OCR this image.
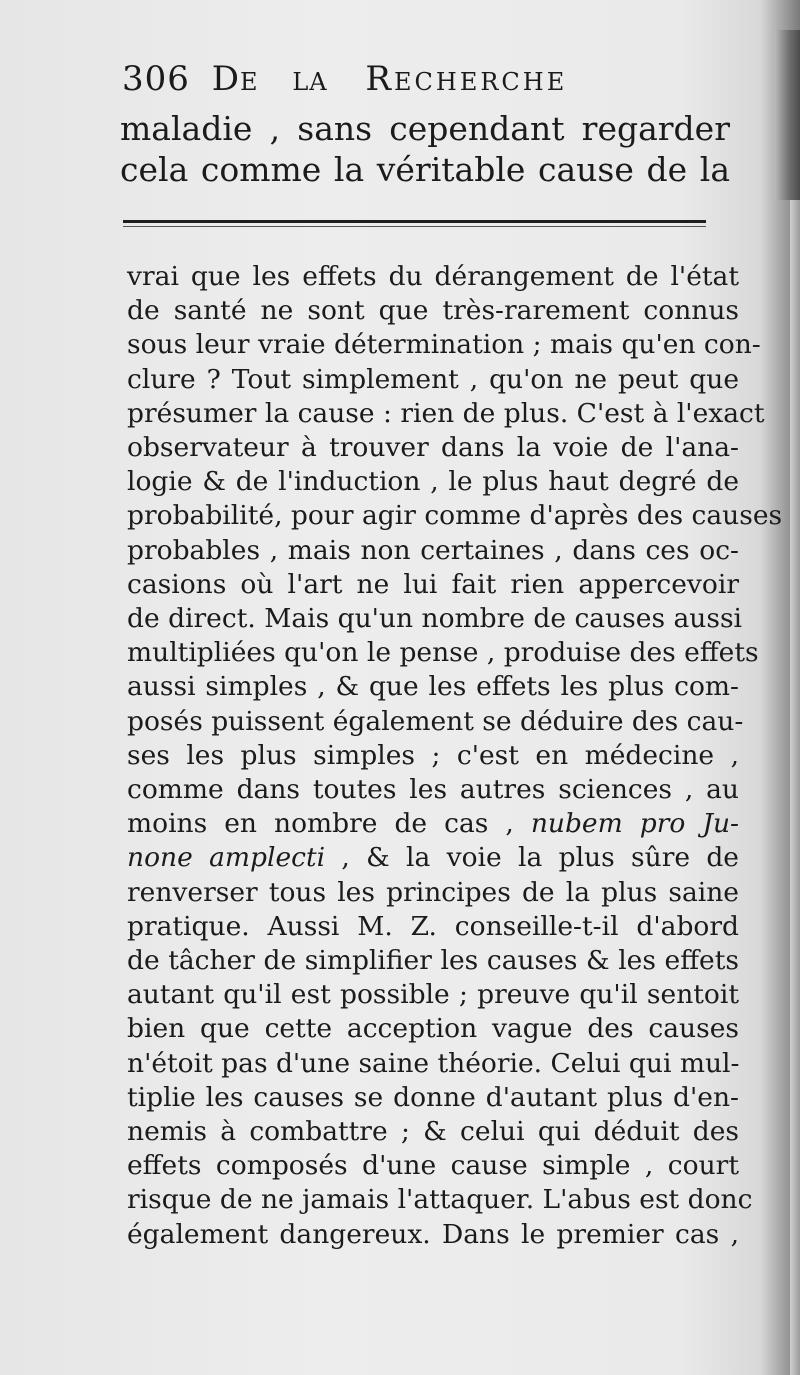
306 De la Recherche
maladie , sans cependant regarder
cela comme la véritable cause de la
vrai que les effets du dérangement de l'état
de santé ne sont que très-rarement connus
sous leur vraie détermination ; mais qu'en con-
clure ? Tout simplement , qu'on ne peut que
présumer la cause : rien de plus. C'est à l'exact
observateur à trouver dans la voie de l'ana-
logie & de l'induction , le plus haut degré de
probabilité, pour agir comme d'après des causes
probables , mais non certaines , dans ces oc-
casions où l'art ne lui fait rien appercevoir
de direct. Mais qu'un nombre de causes aussi
multipliées qu'on le pense , produise des effets
aussi simples , & que les effets les plus com-
posés puissent également se déduire des cau-
ses les plus simples ; c'est en médecine ,
comme dans toutes les autres sciences , au
moins en nombre de cas , nubem pro Ju-
none amplecti , & la voie la plus sûre de
renverser tous les principes de la plus saine
pratique. Aussi M. Z. conseille-t-il d'abord
de tâcher de simplifier les causes & les effets
autant qu'il est possible ; preuve qu'il sentoit
bien que cette acception vague des causes
n'étoit pas d'une saine théorie. Celui qui mul-
tiplie les causes se donne d'autant plus d'en-
nemis à combattre ; & celui qui déduit des
effets composés d'une cause simple , court
risque de ne jamais l'attaquer. L'abus est donc
également dangereux. Dans le premier cas ,
